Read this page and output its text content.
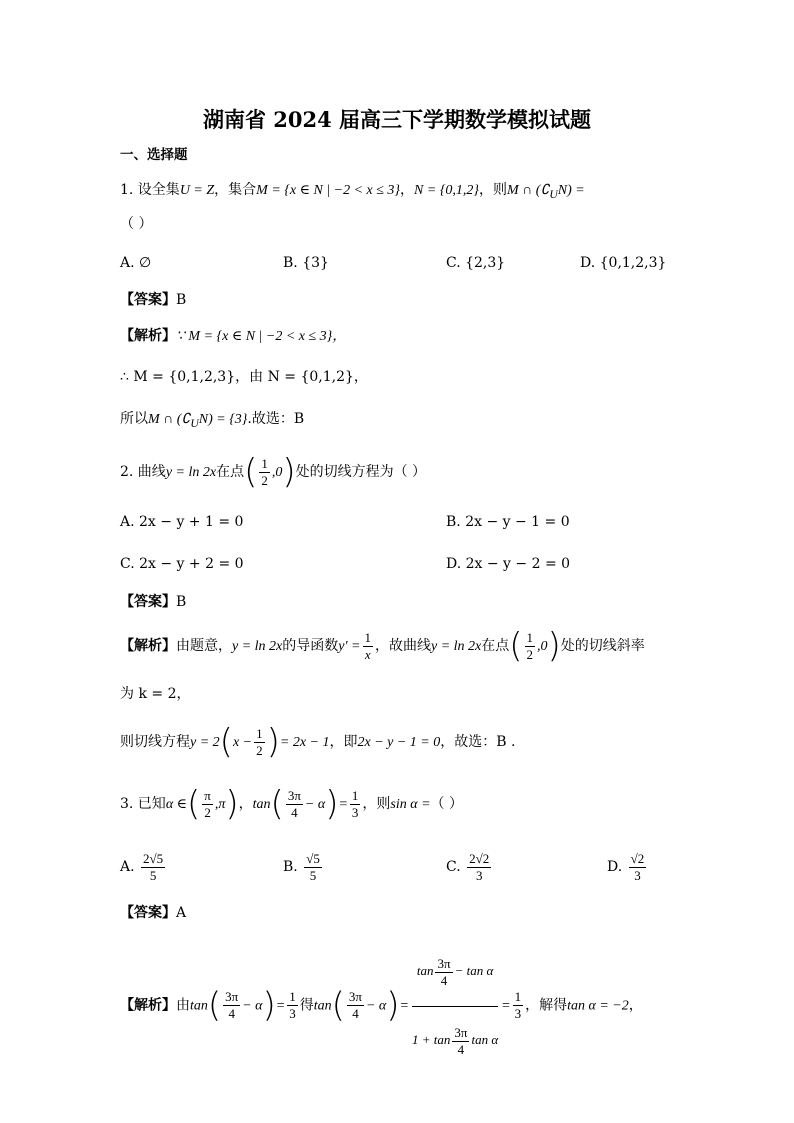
湖南省 2024 届高三下学期数学模拟试题
一、选择题
1. 设全集U = Z，集合M = {x ∈ N | −2 < x ≤ 3}，N = {0,1,2}，则M ∩ $(∁_UN)$ =
（ ）
A. ∅	B. {3}	C. {2,3}	D. {0,1,2,3}
【答案】B
【解析】∵ M = {x ∈ N | −2 < x ≤ 3}，
∴ M = {0,1,2,3}，由 N = {0,1,2}，
所以M ∩ $(∁_UN) = \{3\}$.故选：B
2. 曲线y = ln 2x在点( $\frac{1}{2} ,0$)处的切线方程为（ ）
A. 2x − y + 1 = 0	B. 2x − y − 1 = 0
C. 2x − y + 2 = 0	D. 2x − y − 2 = 0
【答案】B
【解析】由题意，y = ln 2x的导函数$y' = \frac{1}{x}$ ，故曲线y = ln 2x在点( $\frac{1}{2} ,0$)处的切线斜率
为 k = 2，
则切线方程$y = 2(x - \frac{1}{2}$ )= 2x − 1，即2x − y − 1 = 0，故选：B .
3. 已知α ∈( $\frac{\pi}{2} ,\pi$)，$\tan( \frac{3\pi}{4} - \alpha)= \frac{1}{3}$ ，则sin α =（ ）
A. $\frac{2√5}{5}$	B. $\frac{√5}{5}$	C. $\frac{2√2}{3}$	D. $\frac{√2}{3}$
【答案】A
【解析】由$\tan( \frac{3\pi}{4} - \alpha)= \frac{1}{3}$ 得$\tan( \frac{3\pi}{4} - \alpha)= \frac{\tan \frac{3\pi}{4} - \tan \alpha}{1 + \tan \frac{3\pi}{4} \tan \alpha} = \frac{1}{3}$ ，解得tan α = −2，
